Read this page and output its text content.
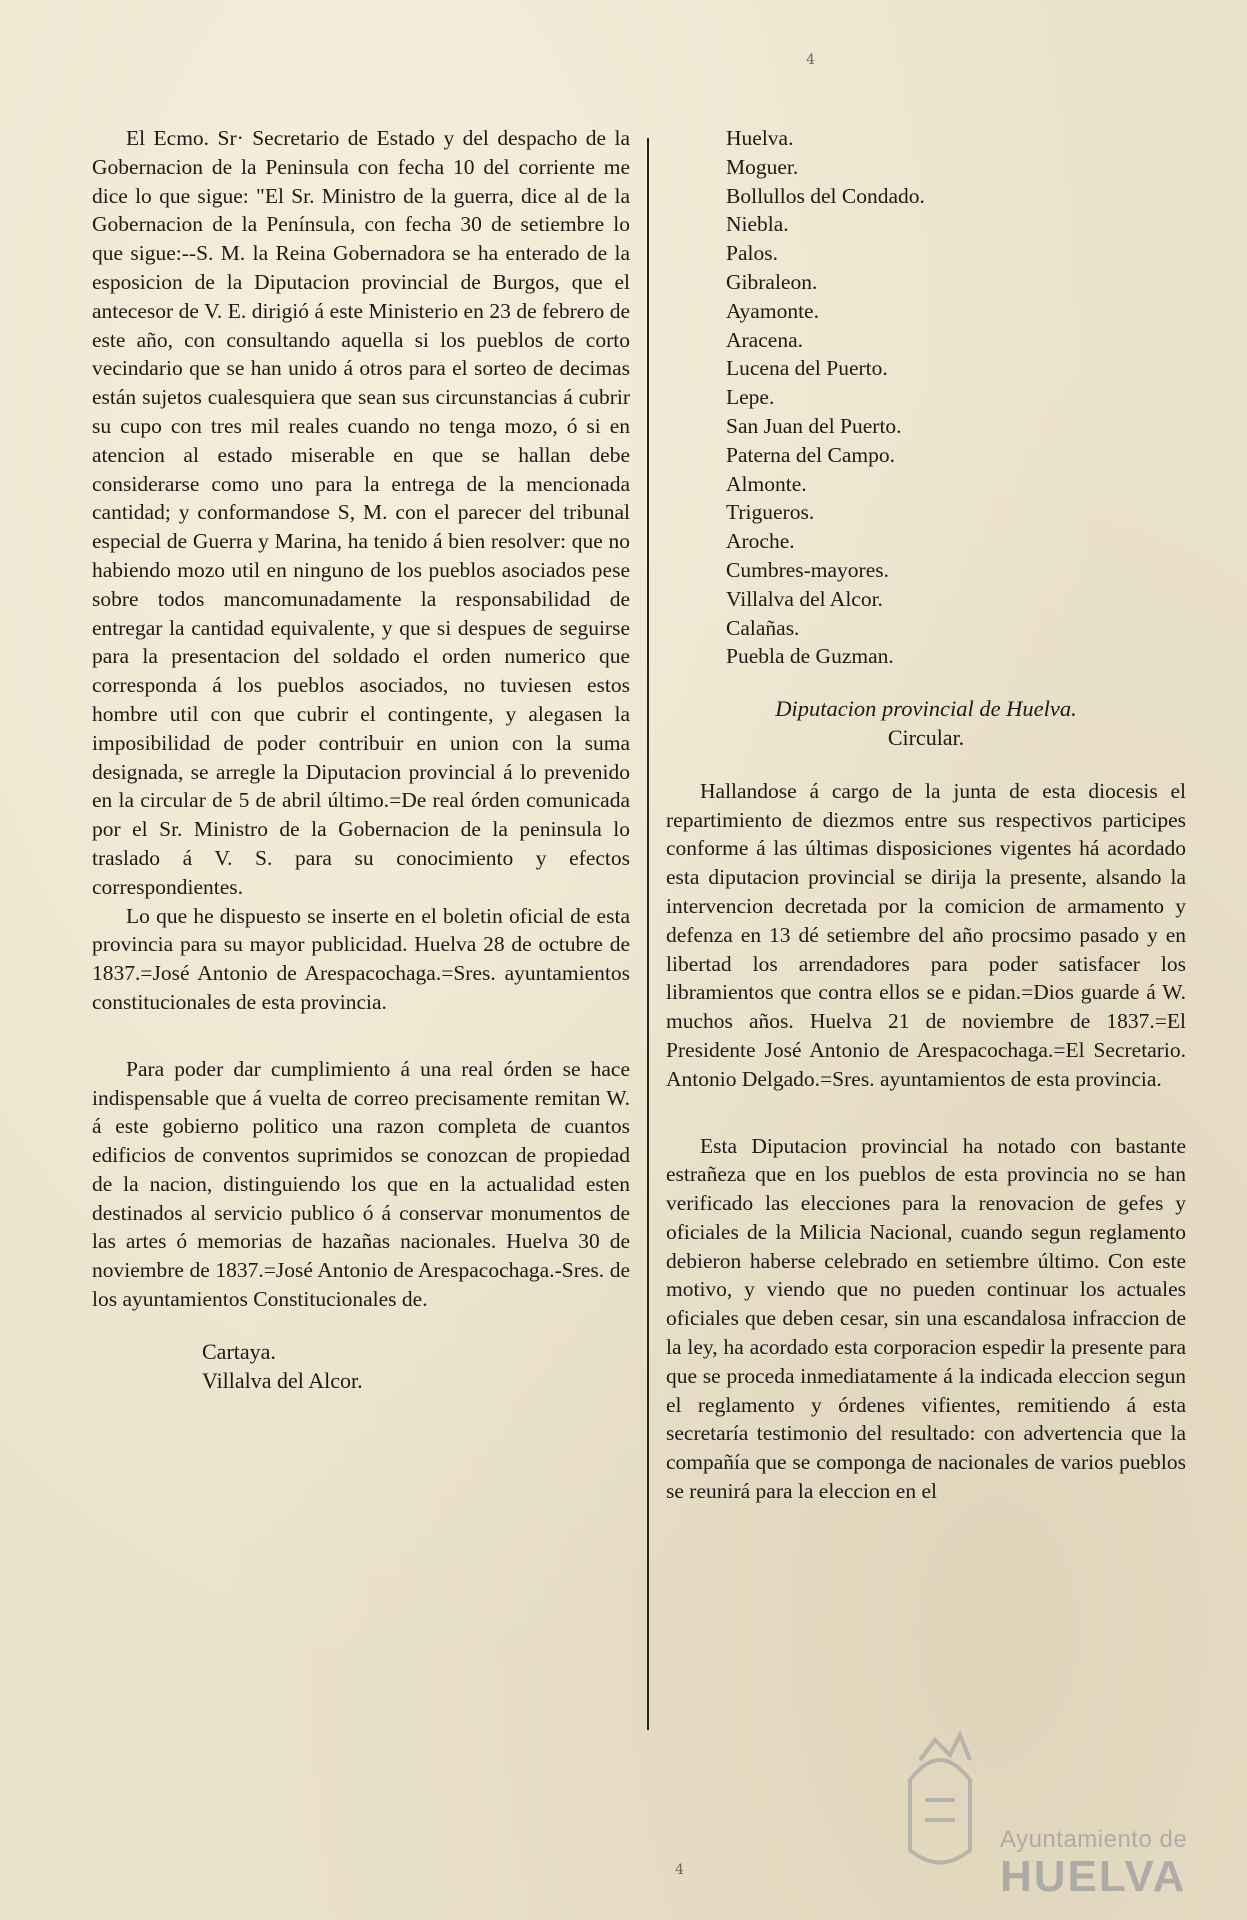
4

El Ecmo. Sr· Secretario de Estado y del despacho de la Gobernacion de la Peninsula con fecha 10 del corriente me dice lo que sigue: "El Sr. Ministro de la guerra, dice al de la Gobernacion de la Península, con fecha 30 de setiembre lo que sigue:--S. M. la Reina Gobernadora se ha enterado de la esposicion de la Diputacion provincial de Burgos, que el antecesor de V. E. dirigió á este Ministerio en 23 de febrero de este año, con consultando aquella si los pueblos de corto vecindario que se han unido á otros para el sorteo de decimas están sujetos cualesquiera que sean sus circunstancias á cubrir su cupo con tres mil reales cuando no tenga mozo, ó si en atencion al estado miserable en que se hallan debe considerarse como uno para la entrega de la mencionada cantidad; y conformandose S, M. con el parecer del tribunal especial de Guerra y Marina, ha tenido á bien resolver: que no habiendo mozo util en ninguno de los pueblos asociados pese sobre todos mancomunadamente la responsabilidad de entregar la cantidad equivalente, y que si despues de seguirse para la presentacion del soldado el orden numerico que corresponda á los pueblos asociados, no tuviesen estos hombre util con que cubrir el contingente, y alegasen la imposibilidad de poder contribuir en union con la suma designada, se arregle la Diputacion provincial á lo prevenido en la circular de 5 de abril último.=De real órden comunicada por el Sr. Ministro de la Gobernacion de la peninsula lo traslado á V. S. para su conocimiento y efectos correspondientes.

Lo que he dispuesto se inserte en el boletin oficial de esta provincia para su mayor publicidad. Huelva 28 de octubre de 1837.=José Antonio de Arespacochaga.=Sres. ayuntamientos constitucionales de esta provincia.

Para poder dar cumplimiento á una real órden se hace indispensable que á vuelta de correo precisamente remitan W. á este gobierno politico una razon completa de cuantos edificios de conventos suprimidos se conozcan de propiedad de la nacion, distinguiendo los que en la actualidad esten destinados al servicio publico ó á conservar monumentos de las artes ó memorias de hazañas nacionales. Huelva 30 de noviembre de 1837.=José Antonio de Arespacochaga.-Sres. de los ayuntamientos Constitucionales de.

Cartaya.
Villalva del Alcor.
Huelva.
Moguer.
Bollullos del Condado.
Niebla.
Palos.
Gibraleon.
Ayamonte.
Aracena.
Lucena del Puerto.
Lepe.
San Juan del Puerto.
Paterna del Campo.
Almonte.
Trigueros.
Aroche.
Cumbres-mayores.
Villalva del Alcor.
Calañas.
Puebla de Guzman.
Diputacion provincial de Huelva.
Circular.

Hallandose á cargo de la junta de esta diocesis el repartimiento de diezmos entre sus respectivos participes conforme á las últimas disposiciones vigentes há acordado esta diputacion provincial se dirija la presente, alsando la intervencion decretada por la comicion de armamento y defenza en 13 dé setiembre del año procsimo pasado y en libertad los arrendadores para poder satisfacer los libramientos que contra ellos se e pidan.=Dios guarde á W. muchos años. Huelva 21 de noviembre de 1837.=El Presidente José Antonio de Arespacochaga.=El Secretario. Antonio Delgado.=Sres. ayuntamientos de esta provincia.

Esta Diputacion provincial ha notado con bastante estrañeza que en los pueblos de esta provincia no se han verificado las elecciones para la renovacion de gefes y oficiales de la Milicia Nacional, cuando segun reglamento debieron haberse celebrado en setiembre último. Con este motivo, y viendo que no pueden continuar los actuales oficiales que deben cesar, sin una escandalosa infraccion de la ley, ha acordado esta corporacion espedir la presente para que se proceda inmediatamente á la indicada eleccion segun el reglamento y órdenes vifientes, remitiendo á esta secretaría testimonio del resultado: con advertencia que la compañía que se componga de nacionales de varios pueblos se reunirá para la eleccion en el

4
Ayuntamiento de
HUELVA
